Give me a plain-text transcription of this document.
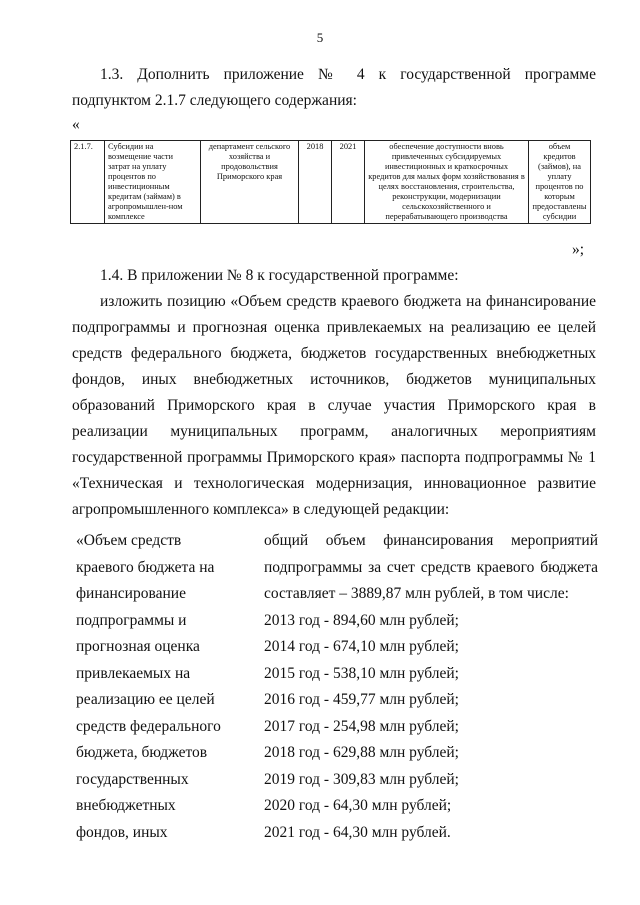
5
1.3. Дополнить приложение № 4 к государственной программе подпунктом 2.1.7 следующего содержания:
«
2.1.7.	Субсидии на возмещение части затрат на уплату процентов по инвестиционным кредитам (займам) в агропромышлен-ном комплексе	департамент сельского хозяйства и продовольствия Приморского края	2018	2021	обеспечение доступности вновь привлеченных субсидируемых инвестиционных и краткосрочных кредитов для малых форм хозяйствования в целях восстановления, строительства, реконструкции, модернизации сельскохозяйственного и перерабатывающего производства	объем кредитов (займов), на уплату процентов по которым предоставлены субсидии
»;
1.4. В приложении № 8 к государственной программе:
изложить позицию «Объем средств краевого бюджета на финансирование подпрограммы и прогнозная оценка привлекаемых на реализацию ее целей средств федерального бюджета, бюджетов государственных внебюджетных фондов, иных внебюджетных источников, бюджетов муниципальных образований Приморского края в случае участия Приморского края в реализации муниципальных программ, аналогичных мероприятиям государственной программы Приморского края» паспорта подпрограммы № 1 «Техническая и технологическая модернизация, инновационное развитие агропромышленного комплекса» в следующей редакции:
«Объем средств	общий объем финансирования мероприятий
краевого бюджета на	подпрограммы за счет средств краевого бюджета
финансирование	составляет – 3889,87 млн рублей, в том числе:
подпрограммы и	2013 год - 894,60 млн рублей;
прогнозная оценка	2014 год - 674,10 млн рублей;
привлекаемых на	2015 год - 538,10 млн рублей;
реализацию ее целей	2016 год - 459,77 млн рублей;
средств федерального	2017 год - 254,98 млн рублей;
бюджета, бюджетов	2018 год - 629,88 млн рублей;
государственных	2019 год - 309,83 млн рублей;
внебюджетных	2020 год - 64,30 млн рублей;
фондов, иных	2021 год - 64,30 млн рублей.
